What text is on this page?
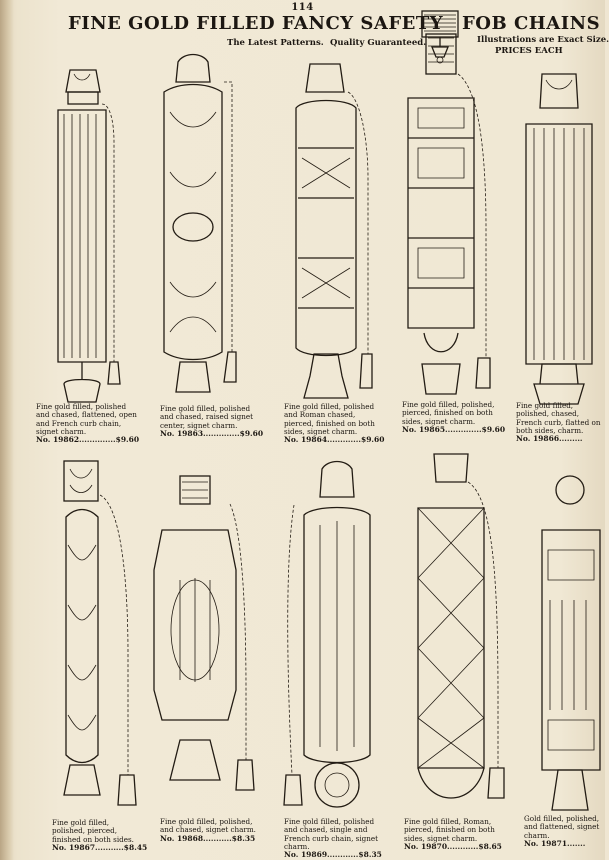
114
FINE GOLD FILLED FANCY SAFETY FOB CHAINS
The Latest Patterns. Quality Guaranteed.	Illustrations are Exact Size.
PRICES EACH
Fine gold filled, polished and chased, flattened, open and French curb chain, signet charm.
No. 19862..............$9.60
Fine gold filled, polished and chased, raised signet center, signet charm.
No. 19863..............$9.60
Fine gold filled, polished and Roman chased, pierced, finished on both sides, signet charm.
No. 19864.............$9.60
Fine gold filled, polished, pierced, finished on both sides, signet charm.
No. 19865..............$9.60
Fine gold filled, polished, chased, French curb, flatted on both sides, charm.
No. 19866.........
Fine gold filled, polished, pierced, finished on both sides.
No. 19867...........$8.45
Fine gold filled, polished, and chased, signet charm.
No. 19868...........$8.35
Fine gold filled, polished and chased, single and French curb chain, signet charm.
No. 19869............$8.35
Fine gold filled, Roman, pierced, finished on both sides, signet charm.
No. 19870............$8.65
Gold filled, polished, and flattened, signet charm.
No. 19871.......
